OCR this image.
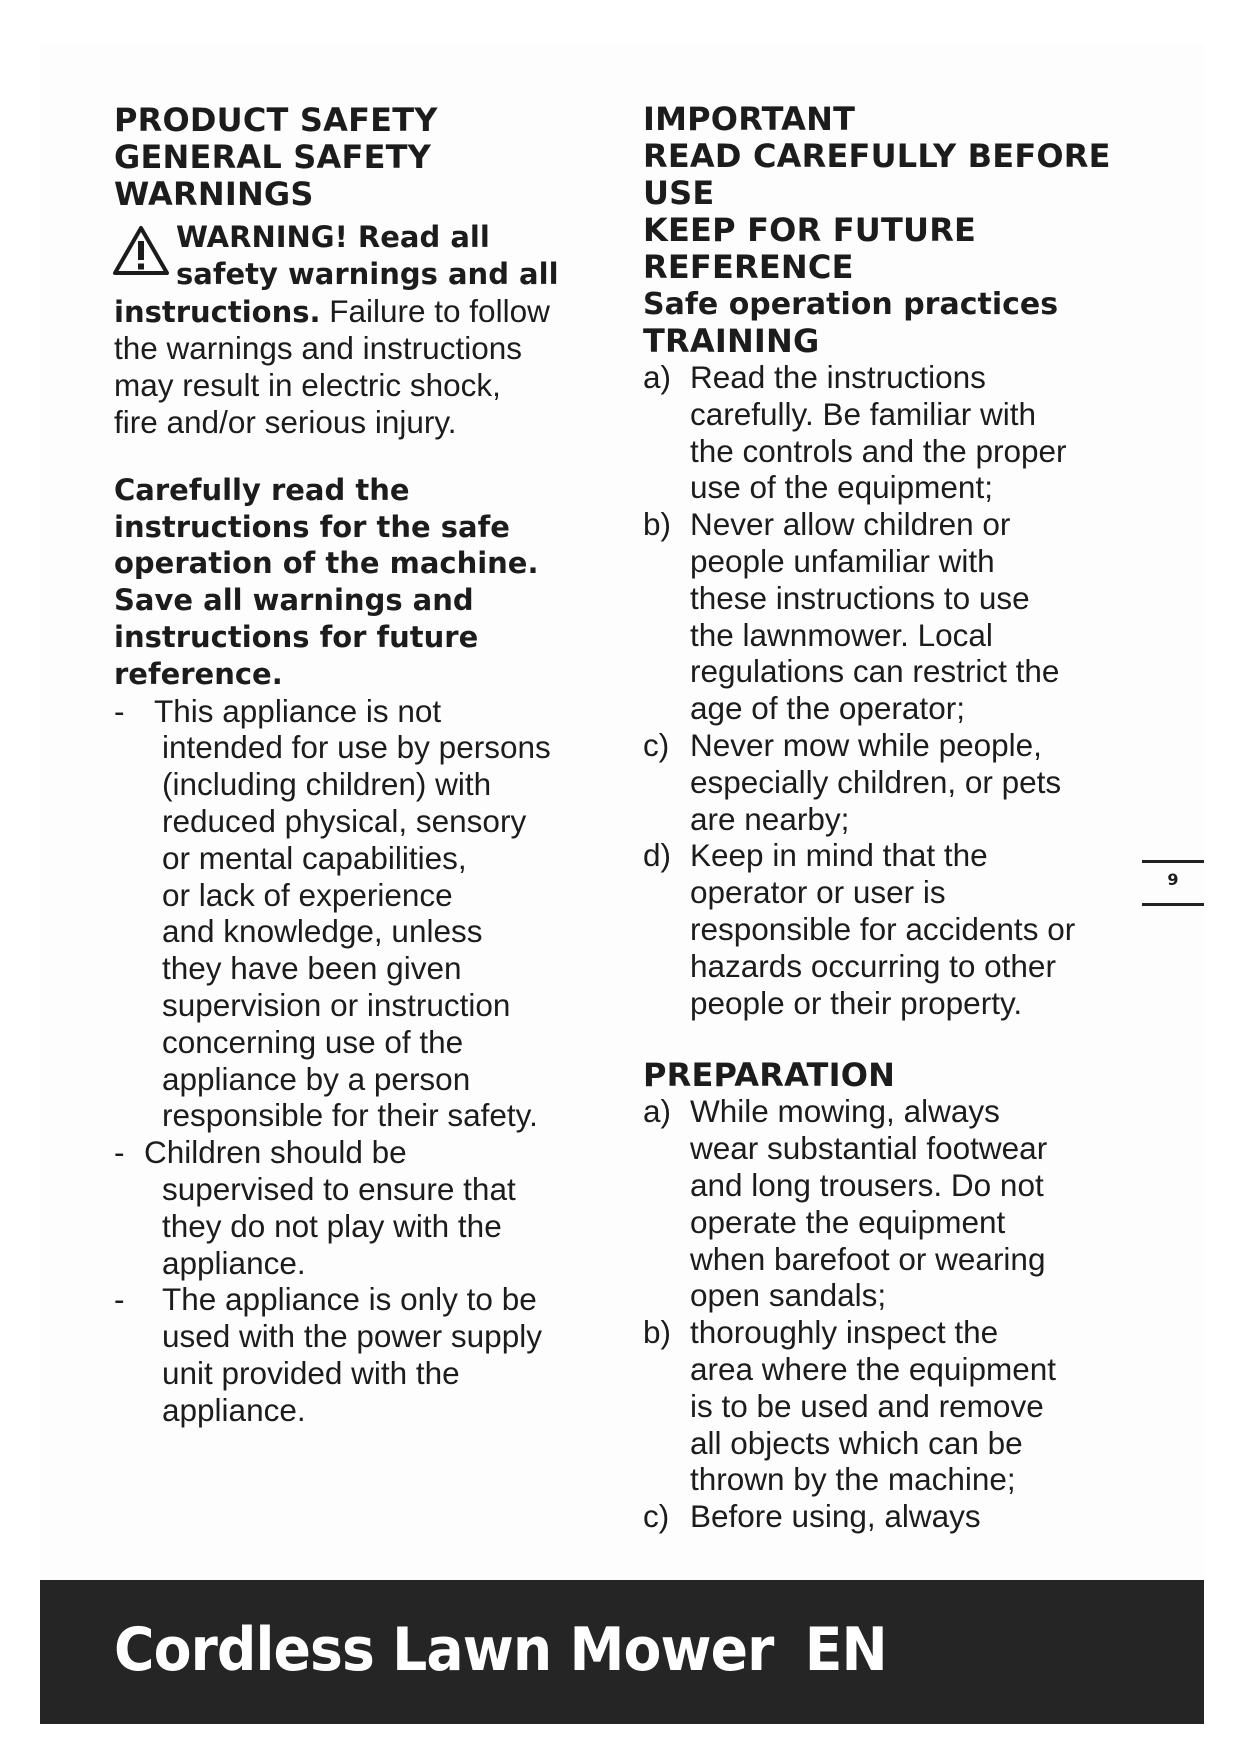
PRODUCT SAFETY
GENERAL SAFETY
WARNINGS
WARNING! Read all
safety warnings and all
instructions. Failure to follow
the warnings and instructions
may result in electric shock,
fire and/or serious injury.
Carefully read the
instructions for the safe
operation of the machine.
Save all warnings and
instructions for future
reference.
- This appliance is not
intended for use by persons
(including children) with
reduced physical, sensory
or mental capabilities,
or lack of experience
and knowledge, unless
they have been given
supervision or instruction
concerning use of the
appliance by a person
responsible for their safety.
- Children should be
supervised to ensure that
they do not play with the
appliance.
- The appliance is only to be
used with the power supply
unit provided with the
appliance.
IMPORTANT
READ CAREFULLY BEFORE
USE
KEEP FOR FUTURE
REFERENCE
Safe operation practices
TRAINING
a) Read the instructions
carefully. Be familiar with
the controls and the proper
use of the equipment;
b) Never allow children or
people unfamiliar with
these instructions to use
the lawnmower. Local
regulations can restrict the
age of the operator;
c) Never mow while people,
especially children, or pets
are nearby;
d) Keep in mind that the
operator or user is
responsible for accidents or
hazards occurring to other
people or their property.
PREPARATION
a) While mowing, always
wear substantial footwear
and long trousers. Do not
operate the equipment
when barefoot or wearing
open sandals;
b) thoroughly inspect the
area where the equipment
is to be used and remove
all objects which can be
thrown by the machine;
c) Before using, always
9
Cordless Lawn Mower EN
